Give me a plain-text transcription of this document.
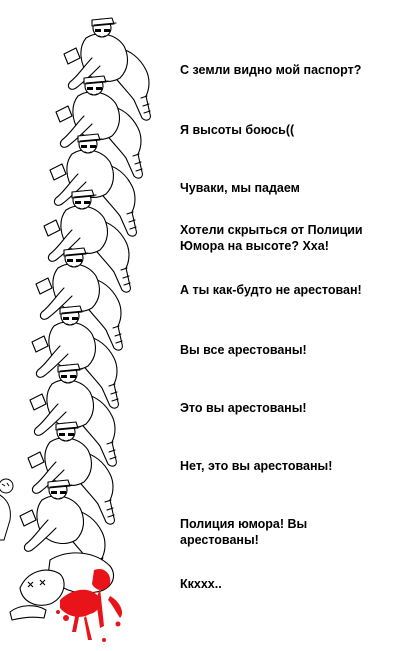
С земли видно мой паспорт?
Я высоты боюсь((
Чуваки, мы падаем
Хотели скрыться от Полиции
Юмора на высоте? Хха!
А ты как-будто не арестован!
Вы все арестованы!
Это вы арестованы!
Нет, это вы арестованы!
Полиция юмора! Вы
арестованы!
Ккххх..
